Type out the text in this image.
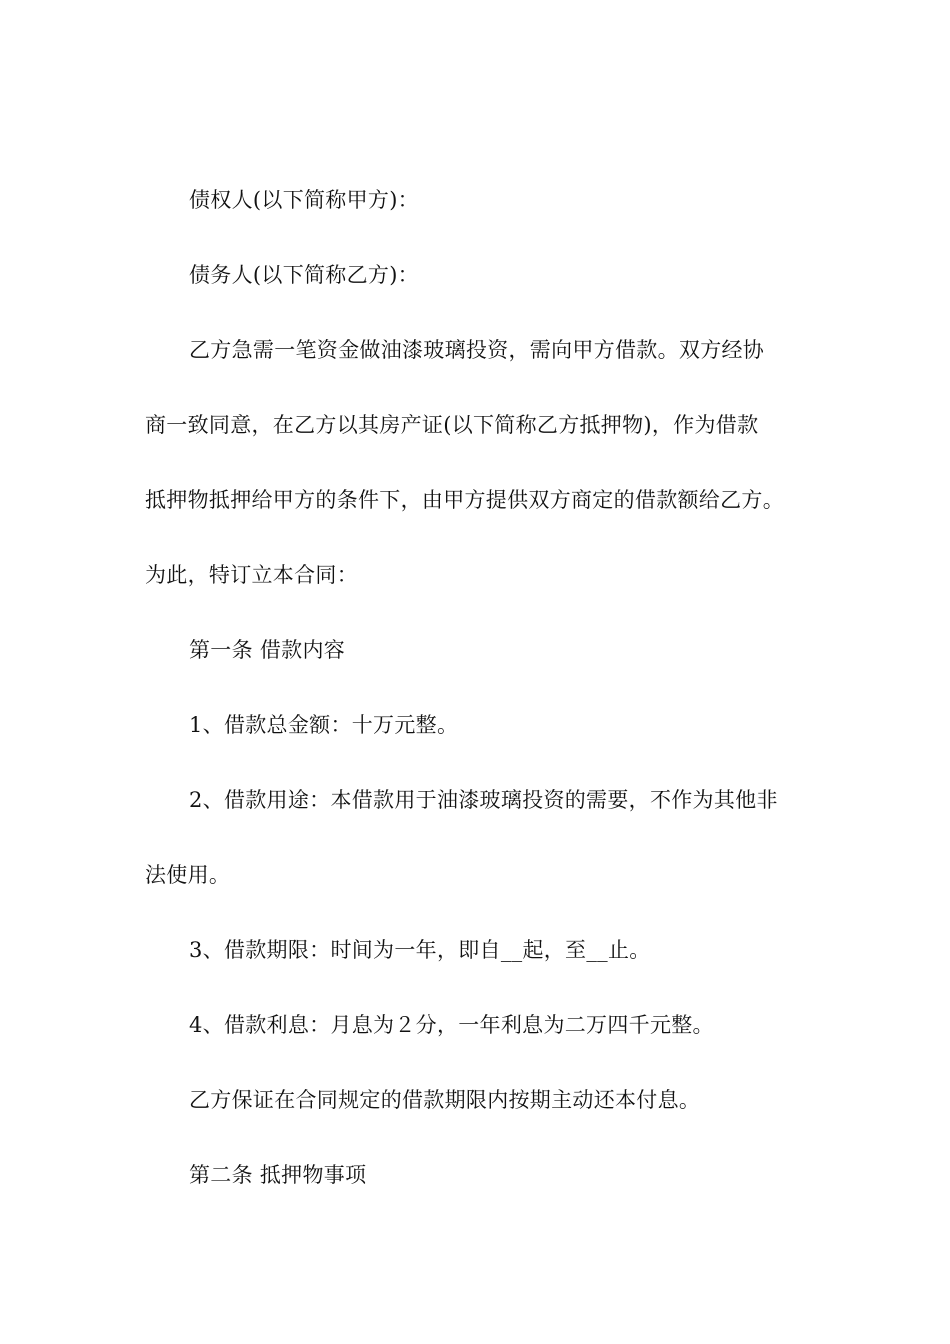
债权人(以下简称甲方)：
债务人(以下简称乙方)：
乙方急需一笔资金做油漆玻璃投资，需向甲方借款。双方经协
商一致同意，在乙方以其房产证(以下简称乙方抵押物)，作为借款
抵押物抵押给甲方的条件下，由甲方提供双方商定的借款额给乙方。
为此，特订立本合同：
第一条 借款内容
1、借款总金额：十万元整。
2、借款用途：本借款用于油漆玻璃投资的需要，不作为其他非
法使用。
3、借款期限：时间为一年，即自__起，至__止。
4、借款利息：月息为２分，一年利息为二万四千元整。
乙方保证在合同规定的借款期限内按期主动还本付息。
第二条 抵押物事项
